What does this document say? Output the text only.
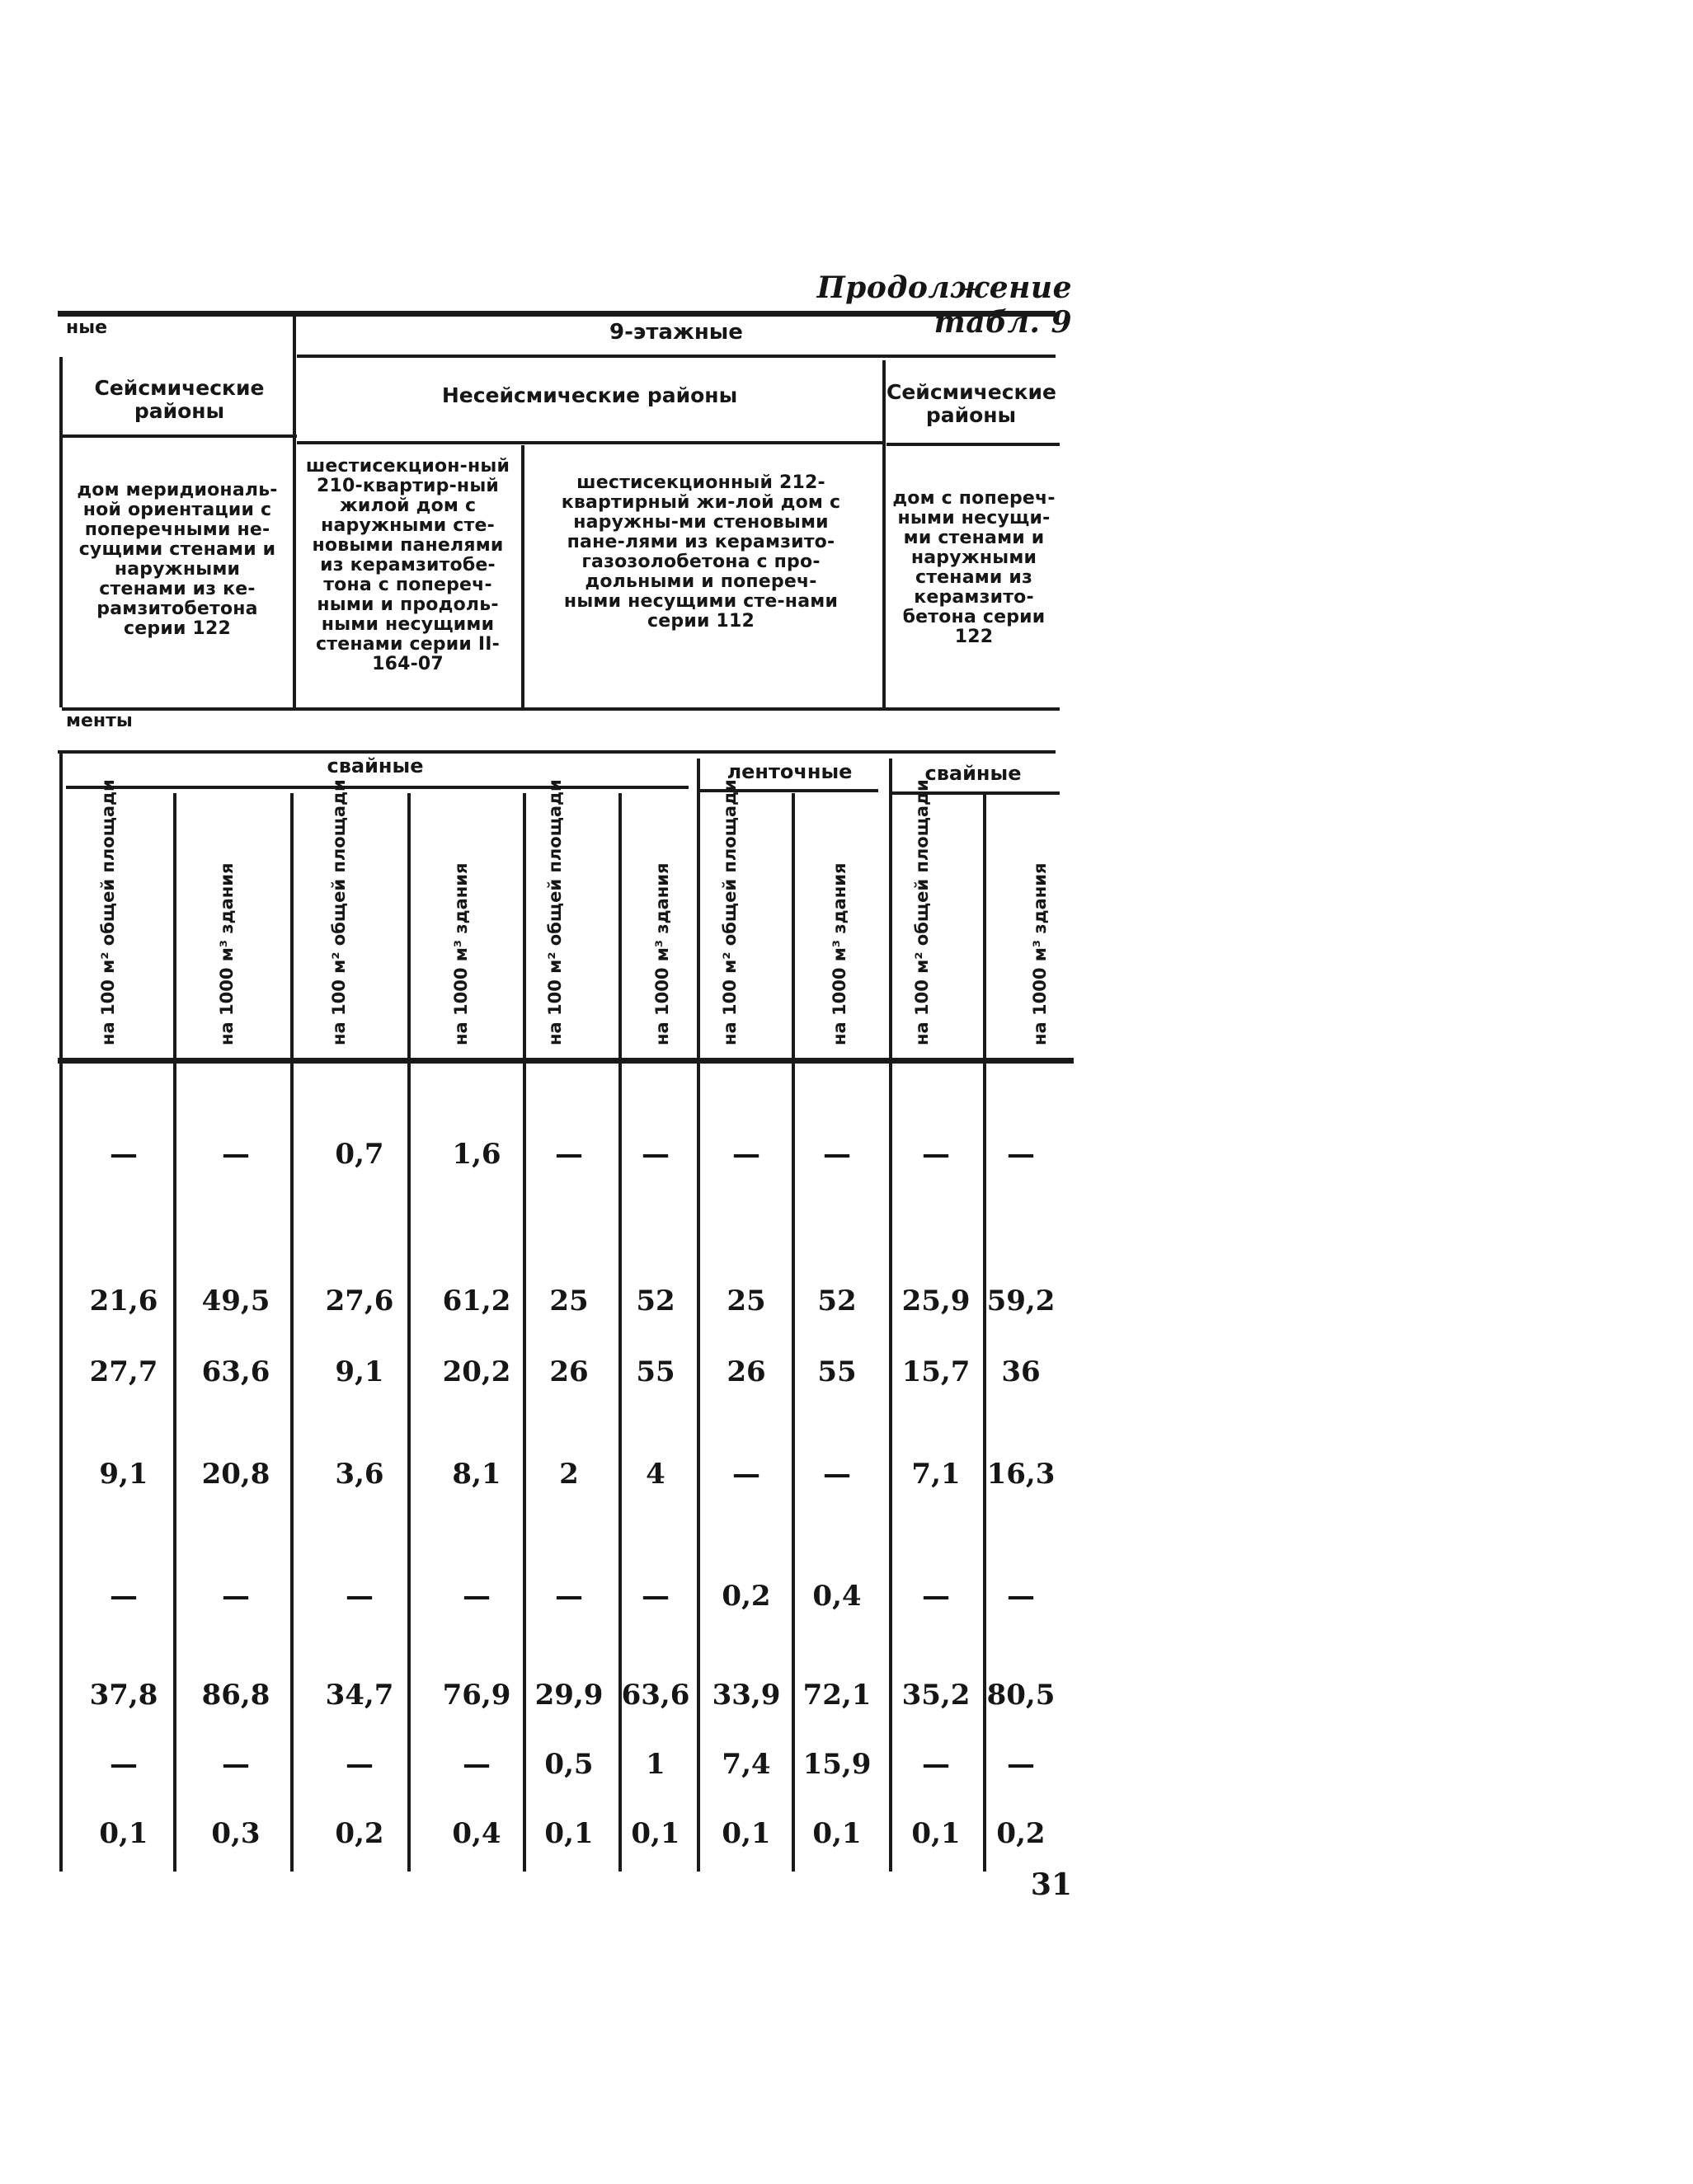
Продолжение табл. 9
ные	9-этажные
Сейсмические районы
Несейсмические районы	Сейсмические районы
дом меридиональ-ной ориентации с поперечными не-сущими стенами и наружными стенами из ке-рамзитобетона серии 122
шестисекцион-ный 210-квартир-ный жилой дом с наружными сте-новыми панелями из керамзитобе-тона с попереч-ными и продоль-ными несущими стенами серии II-164-07
шестисекционный 212-квартирный жи-лой дом с наружны-ми стеновыми пане-лями из керамзито-газозолобетона с про-дольными и попереч-ными несущими сте-нами серии 112
дом с попереч-ными несущи-ми стенами и наружными стенами из керамзито-бетона серии 122
менты
свайные	ленточные	свайные
на 100 м² общей площади	на 1000 м³ здания	на 100 м² общей площади	на 1000 м³ здания	на 100 м² общей площади	на 1000 м³ здания	на 100 м² общей площади	на 1000 м³ здания	на 100 м² общей площади	на 1000 м³ здания
—	—	0,7	1,6	—	—	—	—	—	—
21,6	49,5	27,6	61,2	25	52	25	52	25,9 59,2
27,7	63,6	9,1	20,2	26	55	26	55	15,7	36
9,1	20,8	3,6	8,1	2	4	—	—	7,1 16,3
—	—	—	—	—	—	0,2	0,4	—	—
37,8	86,8	34,7	76,9 29,9 63,6 33,9 72,1	35,2 80,5
—	—	—	—	0,5	1	7,4	15,9	—	—
0,1	0,3	0,2	0,4	0,1	0,1	0,1	0,1	0,1	0,2
31
